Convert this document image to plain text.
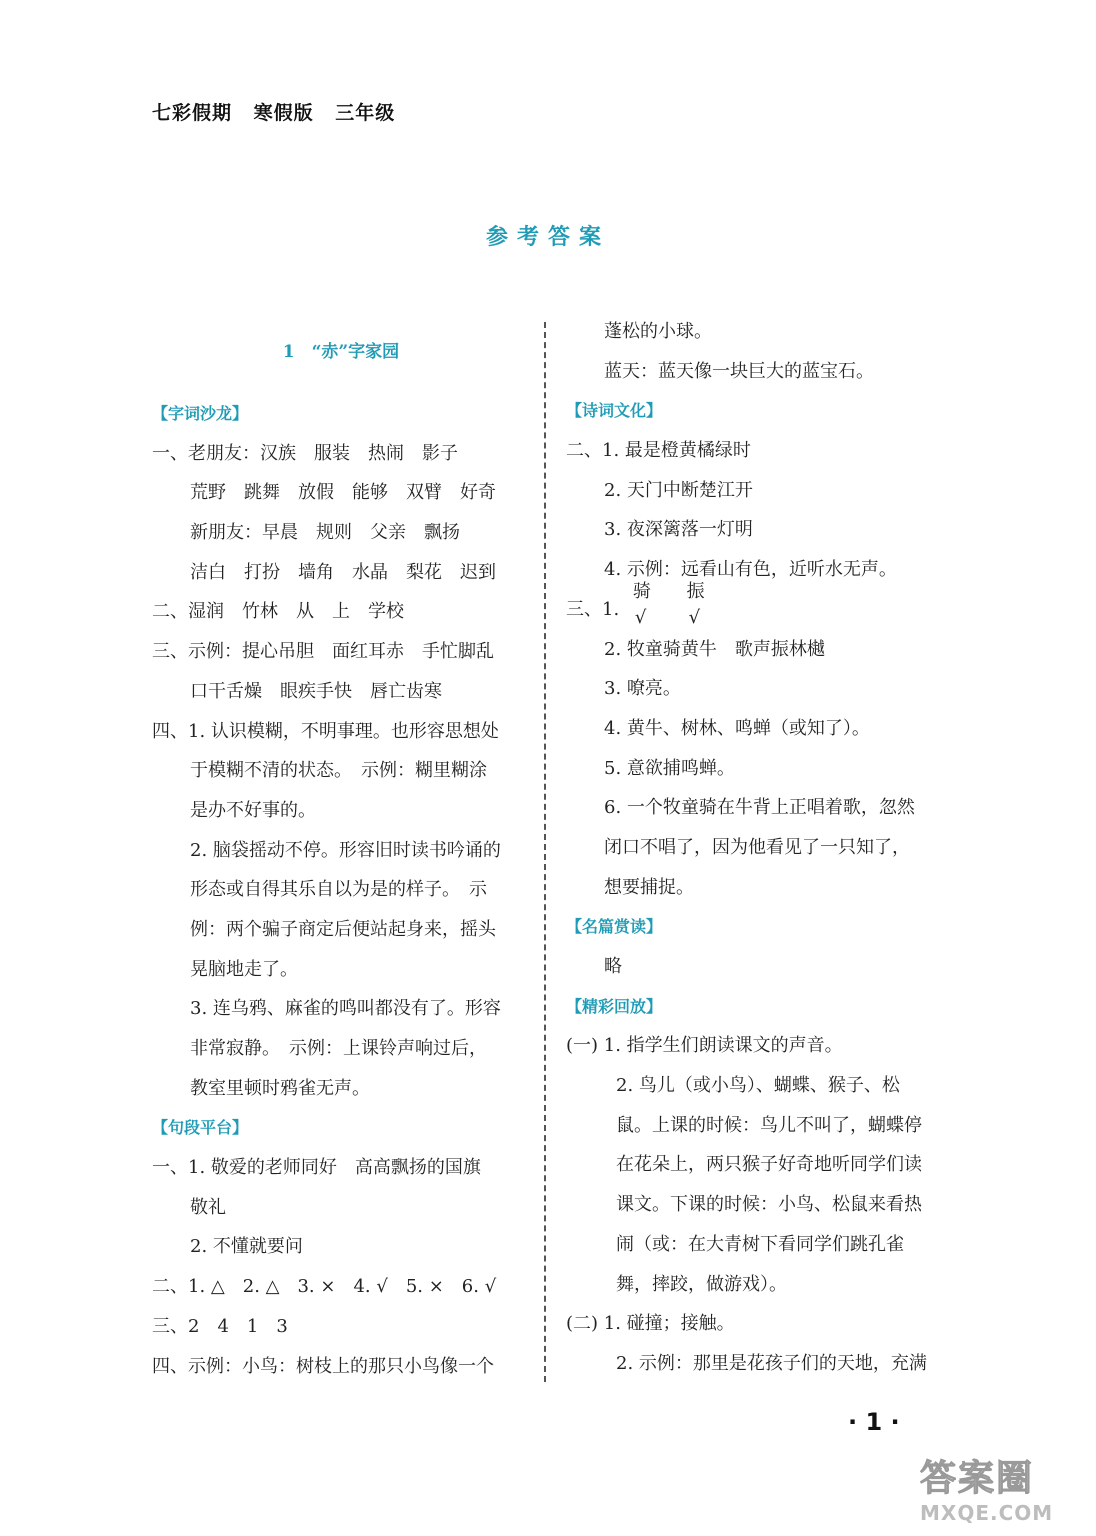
七彩假期 寒假版 三年级
参考答案
1　“赤”字家园
【字词沙龙】
一、老朋友：汉族　服装　热闹　影子
荒野　跳舞　放假　能够　双臂　好奇
新朋友：早晨　规则　父亲　飘扬
洁白　打扮　墙角　水晶　梨花　迟到
二、湿润　竹林　从　上　学校
三、示例：提心吊胆　面红耳赤　手忙脚乱
口干舌燥　眼疾手快　唇亡齿寒
四、1. 认识模糊，不明事理。也形容思想处
于模糊不清的状态。　示例：糊里糊涂
是办不好事的。
2. 脑袋摇动不停。形容旧时读书吟诵的
形态或自得其乐自以为是的样子。　示
例：两个骗子商定后便站起身来，摇头
晃脑地走了。
3. 连乌鸦、麻雀的鸣叫都没有了。形容
非常寂静。　示例：上课铃声响过后，
教室里顿时鸦雀无声。
【句段平台】
一、1. 敬爱的老师同好　高高飘扬的国旗
敬礼
2. 不懂就要问
二、1. △　2. △　3. ×　4. √　5. ×　6. √
三、2　4　1　3
四、示例：小鸟：树枝上的那只小鸟像一个
蓬松的小球。
蓝天：蓝天像一块巨大的蓝宝石。
【诗词文化】
二、1. 最是橙黄橘绿时
2. 天门中断楚江开
3. 夜深篱落一灯明
4. 示例：远看山有色，近听水无声。
三、1.
骑
√

振
√
2. 牧童骑黄牛　歌声振林樾
3. 嘹亮。
4. 黄牛、树林、鸣蝉（或知了）。
5. 意欲捕鸣蝉。
6. 一个牧童骑在牛背上正唱着歌，忽然
闭口不唱了，因为他看见了一只知了，
想要捕捉。
【名篇赏读】
略
【精彩回放】
(一) 1. 指学生们朗读课文的声音。
2. 鸟儿（或小鸟）、蝴蝶、猴子、松
鼠。上课的时候：鸟儿不叫了，蝴蝶停
在花朵上，两只猴子好奇地听同学们读
课文。下课的时候：小鸟、松鼠来看热
闹（或：在大青树下看同学们跳孔雀
舞，摔跤，做游戏）。
(二) 1. 碰撞；接触。
2. 示例：那里是花孩子们的天地，充满
· 1 ·
答案圈
MXQE.COM
